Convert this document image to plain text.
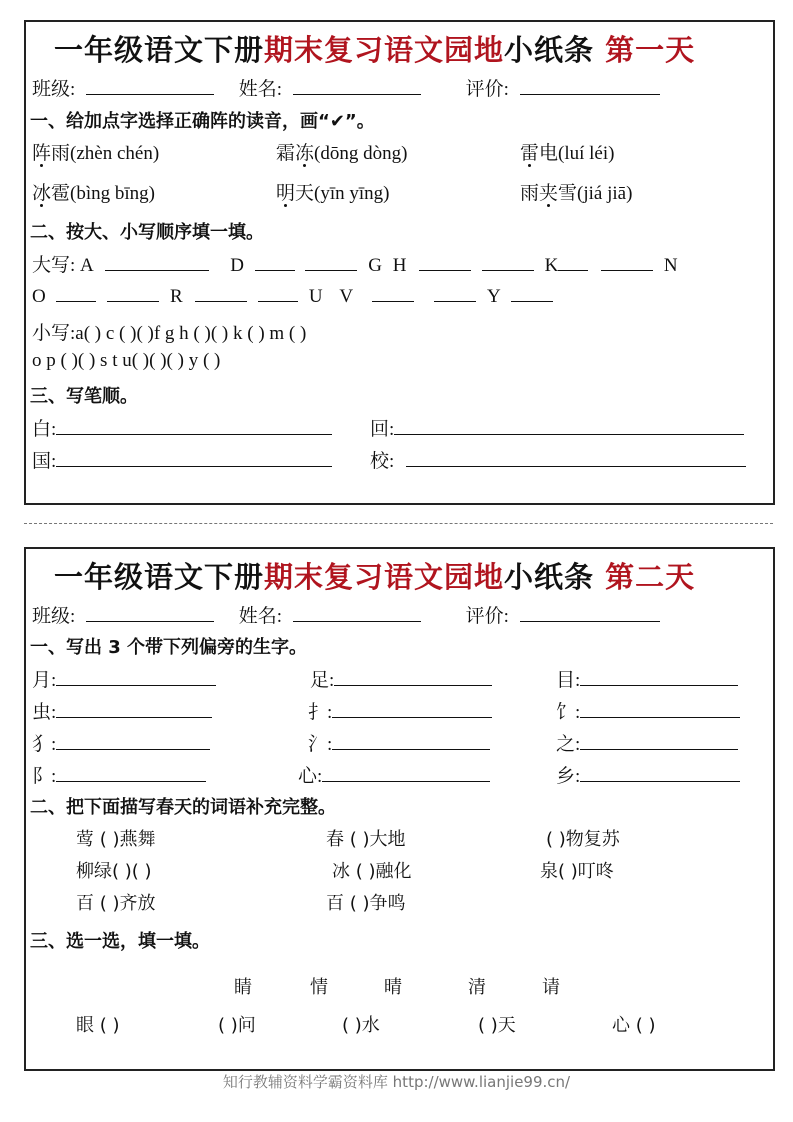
一年级语文下册期末复习语文园地小纸条 第一天
班级:	姓名:	评价:
一、给加点字选择正确阵的读音，画“✔”。
阵雨(zhèn chén)	霜冻(dōng dòng)	雷电(luí léi)
冰雹(bìng bīng)	明天(yīn yīng)	雨夹雪(jiá jiā)
二、按大、小写顺序填一填。
大写: A	D	G H	K	N
O	R	U V	Y
小写:a( ) c ( )( )f g h ( )( ) k ( ) m ( )
o p ( )( ) s t u( )( )( ) y ( )
三、写笔顺。
白:	回:
国:	校:
一年级语文下册期末复习语文园地小纸条 第二天
班级:	姓名:	评价:
一、写出 3 个带下列偏旁的生字。
月:	足:	目:
虫:	扌:	饣:
犭:	氵:	之:
阝:	心:	乡:
二、把下面描写春天的词语补充完整。
莺 ( )燕舞	春 ( )大地	( )物复苏
柳绿( )( )	冰 ( )融化	泉( )叮咚
百 ( )齐放	百 ( )争鸣
三、选一选，填一填。
睛	情	晴	清	请
眼 ( )	( )问	( )水	( )天	心 ( )
知行教辅资料学霸资料库 http://www.lianjie99.cn/
